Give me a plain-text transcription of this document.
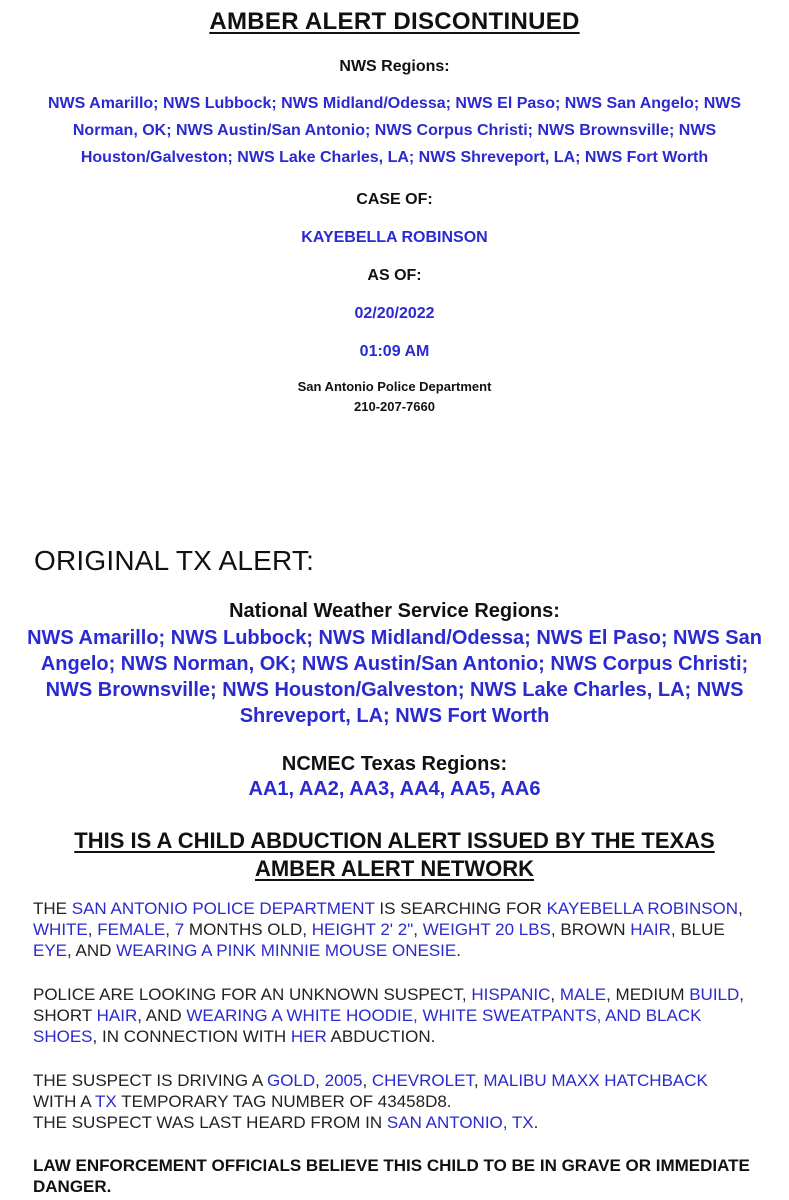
AMBER ALERT DISCONTINUED
NWS Regions:
NWS Amarillo; NWS Lubbock; NWS Midland/Odessa; NWS El Paso; NWS San Angelo; NWS Norman, OK; NWS Austin/San Antonio; NWS Corpus Christi; NWS Brownsville; NWS Houston/Galveston; NWS Lake Charles, LA; NWS Shreveport, LA; NWS Fort Worth
CASE OF:
KAYEBELLA ROBINSON
AS OF:
02/20/2022
01:09 AM
San Antonio Police Department
210-207-7660
ORIGINAL TX ALERT:
National Weather Service Regions:
NWS Amarillo; NWS Lubbock; NWS Midland/Odessa; NWS El Paso; NWS San Angelo; NWS Norman, OK; NWS Austin/San Antonio; NWS Corpus Christi; NWS Brownsville; NWS Houston/Galveston; NWS Lake Charles, LA; NWS Shreveport, LA; NWS Fort Worth
NCMEC Texas Regions:
AA1, AA2, AA3, AA4, AA5, AA6
THIS IS A CHILD ABDUCTION ALERT ISSUED BY THE TEXAS AMBER ALERT NETWORK
THE SAN ANTONIO POLICE DEPARTMENT IS SEARCHING FOR KAYEBELLA ROBINSON, WHITE, FEMALE, 7 MONTHS OLD, HEIGHT 2' 2", WEIGHT 20 LBS, BROWN HAIR, BLUE EYE, AND WEARING A PINK MINNIE MOUSE ONESIE.
POLICE ARE LOOKING FOR AN UNKNOWN SUSPECT, HISPANIC, MALE, MEDIUM BUILD, SHORT HAIR, AND WEARING A WHITE HOODIE, WHITE SWEATPANTS, AND BLACK SHOES, IN CONNECTION WITH HER ABDUCTION.
THE SUSPECT IS DRIVING A GOLD, 2005, CHEVROLET, MALIBU MAXX HATCHBACK WITH A TX TEMPORARY TAG NUMBER OF 43458D8.
THE SUSPECT WAS LAST HEARD FROM IN SAN ANTONIO, TX.
LAW ENFORCEMENT OFFICIALS BELIEVE THIS CHILD TO BE IN GRAVE OR IMMEDIATE DANGER.
